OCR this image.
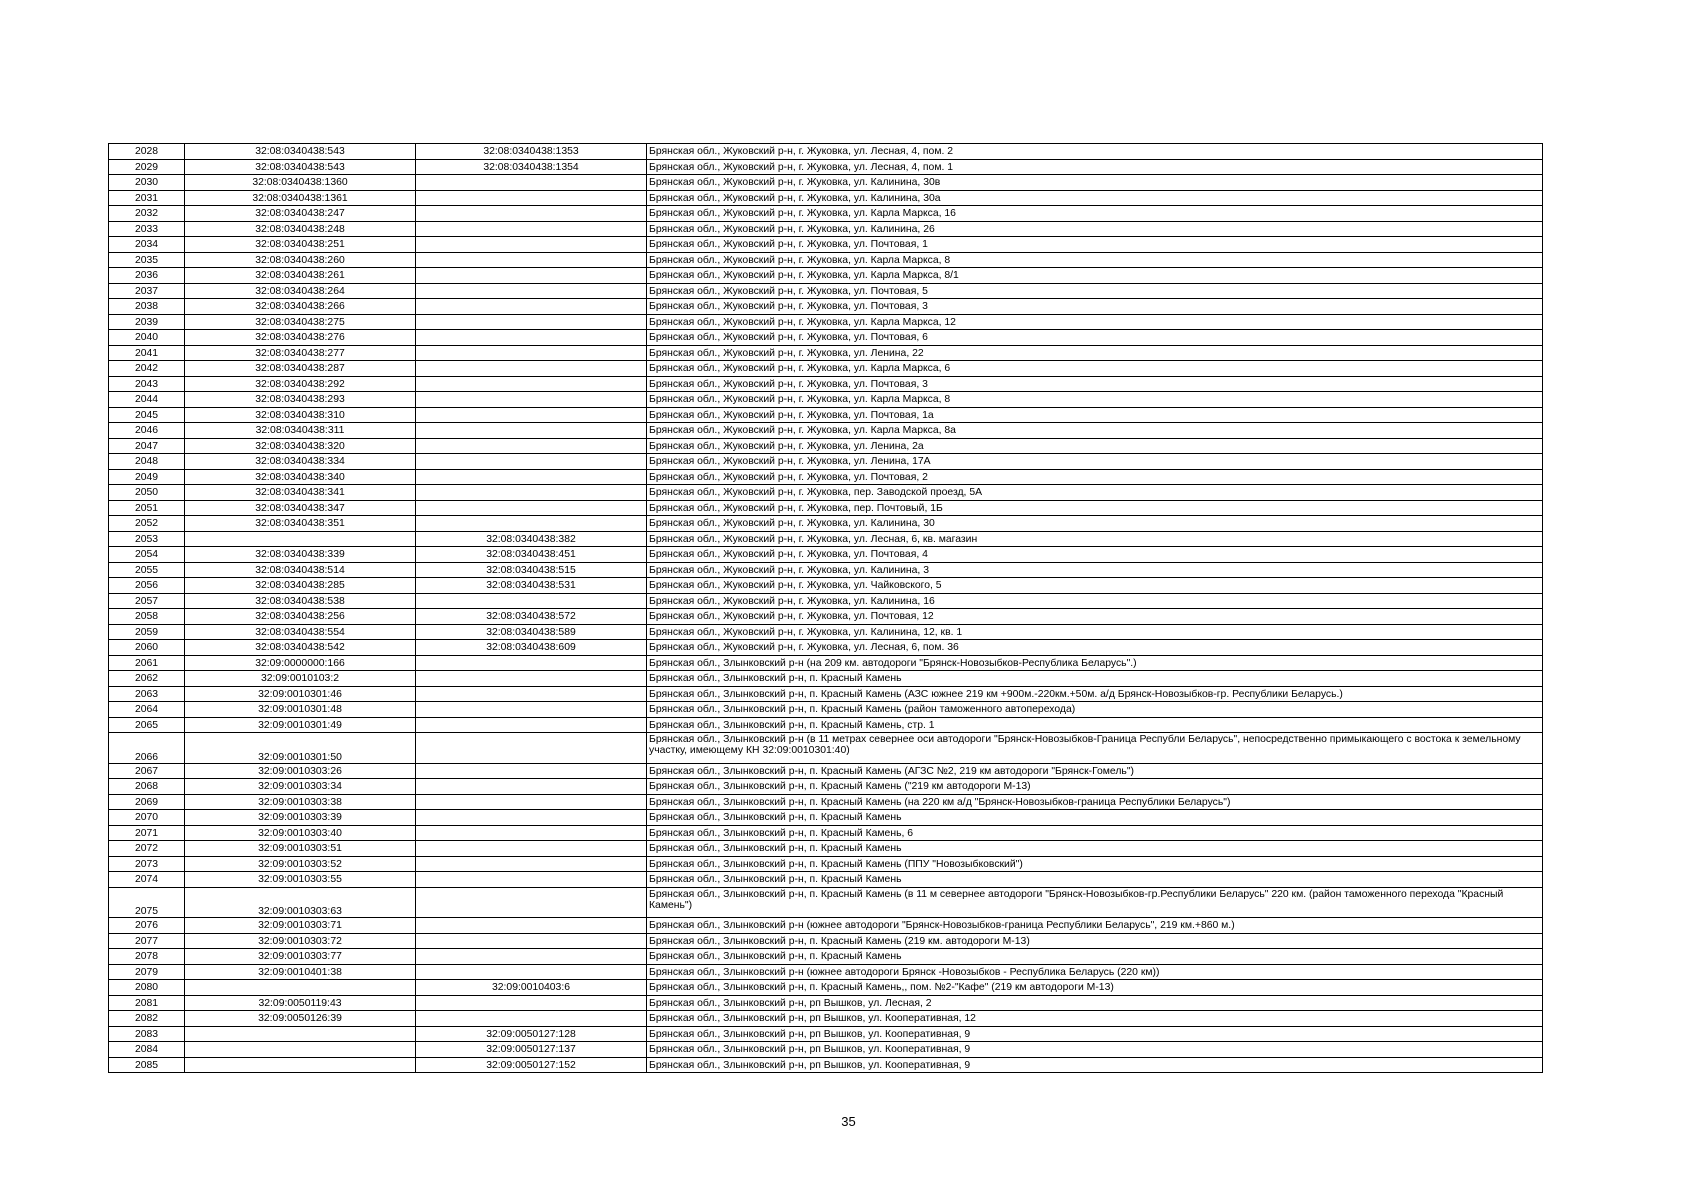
2028	32:08:0340438:543	32:08:0340438:1353	Брянская обл., Жуковский р-н, г. Жуковка, ул. Лесная, 4, пом. 2
2029	32:08:0340438:543	32:08:0340438:1354	Брянская обл., Жуковский р-н, г. Жуковка, ул. Лесная, 4, пом. 1
2030	32:08:0340438:1360		Брянская обл., Жуковский р-н, г. Жуковка, ул. Калинина, 30в
2031	32:08:0340438:1361		Брянская обл., Жуковский р-н, г. Жуковка, ул. Калинина, 30а
2032	32:08:0340438:247		Брянская обл., Жуковский р-н, г. Жуковка, ул. Карла Маркса, 16
2033	32:08:0340438:248		Брянская обл., Жуковский р-н, г. Жуковка, ул. Калинина, 26
2034	32:08:0340438:251		Брянская обл., Жуковский р-н, г. Жуковка, ул. Почтовая, 1
2035	32:08:0340438:260		Брянская обл., Жуковский р-н, г. Жуковка, ул. Карла Маркса, 8
2036	32:08:0340438:261		Брянская обл., Жуковский р-н, г. Жуковка, ул. Карла Маркса, 8/1
2037	32:08:0340438:264		Брянская обл., Жуковский р-н, г. Жуковка, ул. Почтовая, 5
2038	32:08:0340438:266		Брянская обл., Жуковский р-н, г. Жуковка, ул. Почтовая, 3
2039	32:08:0340438:275		Брянская обл., Жуковский р-н, г. Жуковка, ул. Карла Маркса, 12
2040	32:08:0340438:276		Брянская обл., Жуковский р-н, г. Жуковка, ул. Почтовая, 6
2041	32:08:0340438:277		Брянская обл., Жуковский р-н, г. Жуковка, ул. Ленина, 22
2042	32:08:0340438:287		Брянская обл., Жуковский р-н, г. Жуковка, ул. Карла Маркса, 6
2043	32:08:0340438:292		Брянская обл., Жуковский р-н, г. Жуковка, ул. Почтовая, 3
2044	32:08:0340438:293		Брянская обл., Жуковский р-н, г. Жуковка, ул. Карла Маркса, 8
2045	32:08:0340438:310		Брянская обл., Жуковский р-н, г. Жуковка, ул. Почтовая, 1а
2046	32:08:0340438:311		Брянская обл., Жуковский р-н, г. Жуковка, ул. Карла Маркса, 8а
2047	32:08:0340438:320		Брянская обл., Жуковский р-н, г. Жуковка, ул. Ленина, 2а
2048	32:08:0340438:334		Брянская обл., Жуковский р-н, г. Жуковка, ул. Ленина, 17А
2049	32:08:0340438:340		Брянская обл., Жуковский р-н, г. Жуковка, ул. Почтовая, 2
2050	32:08:0340438:341		Брянская обл., Жуковский р-н, г. Жуковка, пер. Заводской проезд, 5А
2051	32:08:0340438:347		Брянская обл., Жуковский р-н, г. Жуковка, пер. Почтовый, 1Б
2052	32:08:0340438:351		Брянская обл., Жуковский р-н, г. Жуковка, ул. Калинина, 30
2053		32:08:0340438:382	Брянская обл., Жуковский р-н, г. Жуковка, ул. Лесная, 6, кв. магазин
2054	32:08:0340438:339	32:08:0340438:451	Брянская обл., Жуковский р-н, г. Жуковка, ул. Почтовая, 4
2055	32:08:0340438:514	32:08:0340438:515	Брянская обл., Жуковский р-н, г. Жуковка, ул. Калинина, 3
2056	32:08:0340438:285	32:08:0340438:531	Брянская обл., Жуковский р-н, г. Жуковка, ул. Чайковского, 5
2057	32:08:0340438:538		Брянская обл., Жуковский р-н, г. Жуковка, ул. Калинина, 16
2058	32:08:0340438:256	32:08:0340438:572	Брянская обл., Жуковский р-н, г. Жуковка, ул. Почтовая, 12
2059	32:08:0340438:554	32:08:0340438:589	Брянская обл., Жуковский р-н, г. Жуковка, ул. Калинина, 12, кв. 1
2060	32:08:0340438:542	32:08:0340438:609	Брянская обл., Жуковский р-н, г. Жуковка, ул. Лесная, 6, пом. 36
2061	32:09:0000000:166		Брянская обл., Злынковский р-н (на 209 км. автодороги "Брянск-Новозыбков-Республика Беларусь".)
2062	32:09:0010103:2		Брянская обл., Злынковский р-н, п. Красный Камень
2063	32:09:0010301:46		Брянская обл., Злынковский р-н, п. Красный Камень (АЗС южнее 219 км +900м.-220км.+50м. а/д Брянск-Новозыбков-гр. Республики Беларусь.)
2064	32:09:0010301:48		Брянская обл., Злынковский р-н, п. Красный Камень (район таможенного автоперехода)
2065	32:09:0010301:49		Брянская обл., Злынковский р-н, п. Красный Камень, стр. 1
2066	32:09:0010301:50		Брянская обл., Злынковский р-н (в 11 метрах севернее оси автодороги "Брянск-Новозыбков-Граница Республи Беларусь", непосредственно примыкающего с востока к земельному участку, имеющему КН 32:09:0010301:40)
2067	32:09:0010303:26		Брянская обл., Злынковский р-н, п. Красный Камень (АГЗС №2, 219 км автодороги "Брянск-Гомель")
2068	32:09:0010303:34		Брянская обл., Злынковский р-н, п. Красный Камень ("219 км автодороги М-13)
2069	32:09:0010303:38		Брянская обл., Злынковский р-н, п. Красный Камень (на 220 км а/д "Брянск-Новозыбков-граница Республики Беларусь")
2070	32:09:0010303:39		Брянская обл., Злынковский р-н, п. Красный Камень
2071	32:09:0010303:40		Брянская обл., Злынковский р-н, п. Красный Камень, 6
2072	32:09:0010303:51		Брянская обл., Злынковский р-н, п. Красный Камень
2073	32:09:0010303:52		Брянская обл., Злынковский р-н, п. Красный Камень (ППУ "Новозыбковский")
2074	32:09:0010303:55		Брянская обл., Злынковский р-н, п. Красный Камень
2075	32:09:0010303:63		Брянская обл., Злынковский р-н, п. Красный Камень (в 11 м севернее автодороги "Брянск-Новозыбков-гр.Республики Беларусь" 220 км. (район таможенного перехода "Красный Камень")
2076	32:09:0010303:71		Брянская обл., Злынковский р-н (южнее автодороги "Брянск-Новозыбков-граница Республики Беларусь", 219 км.+860 м.)
2077	32:09:0010303:72		Брянская обл., Злынковский р-н, п. Красный Камень (219 км. автодороги М-13)
2078	32:09:0010303:77		Брянская обл., Злынковский р-н, п. Красный Камень
2079	32:09:0010401:38		Брянская обл., Злынковский р-н (южнее автодороги Брянск -Новозыбков - Республика Беларусь (220 км))
2080		32:09:0010403:6	Брянская обл., Злынковский р-н, п. Красный Камень,, пом. №2-"Кафе" (219 км автодороги М-13)
2081	32:09:0050119:43		Брянская обл., Злынковский р-н, рп Вышков, ул. Лесная, 2
2082	32:09:0050126:39		Брянская обл., Злынковский р-н, рп Вышков, ул. Кооперативная, 12
2083		32:09:0050127:128	Брянская обл., Злынковский р-н, рп Вышков, ул. Кооперативная, 9
2084		32:09:0050127:137	Брянская обл., Злынковский р-н, рп Вышков, ул. Кооперативная, 9
2085		32:09:0050127:152	Брянская обл., Злынковский р-н, рп Вышков, ул. Кооперативная, 9
35
